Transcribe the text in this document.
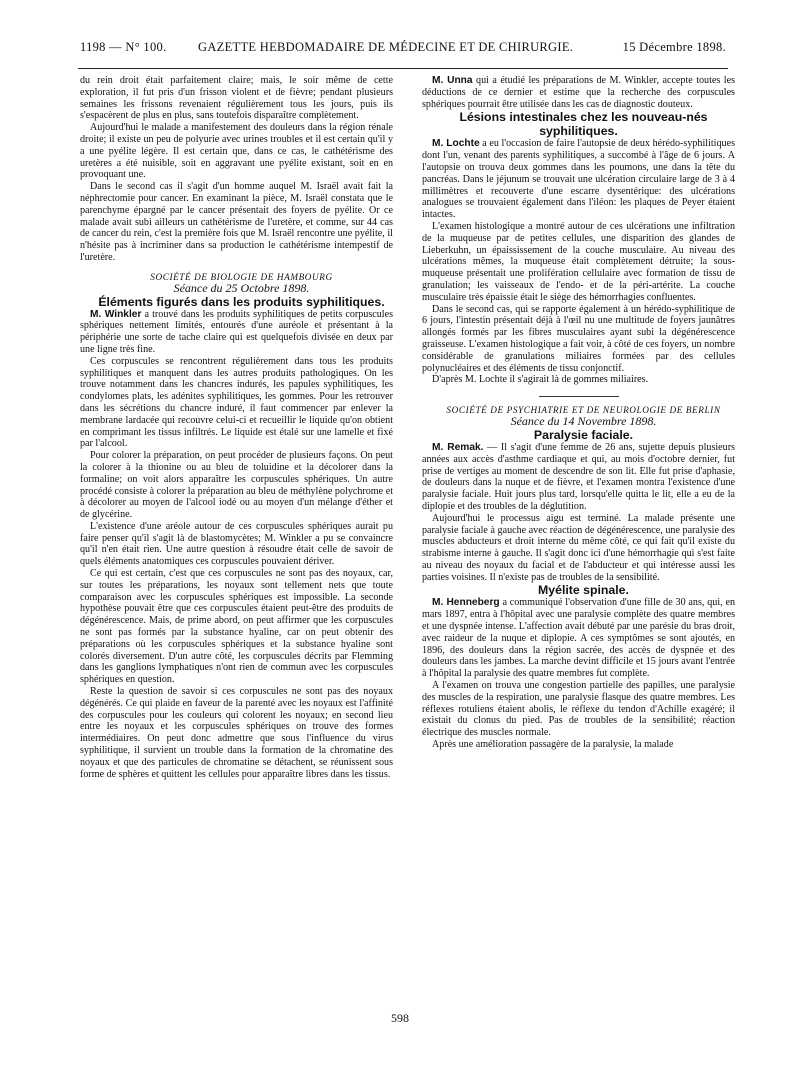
1198 — N° 100.	GAZETTE HEBDOMADAIRE DE MÉDECINE ET DE CHIRURGIE.	15 Décembre 1898.

du rein droit était parfaitement claire; mais, le soir même de cette exploration, il fut pris d'un frisson violent et de fièvre; pendant plusieurs semaines les frissons revenaient régulièrement tous les jours, puis ils s'espacèrent de plus en plus, sans toutefois disparaître complètement.

Aujourd'hui le malade a manifestement des douleurs dans la région rénale droite; il existe un peu de polyurie avec urines troubles et il est certain qu'il y a une pyélite légère. Il est certain que, dans ce cas, le cathétérisme des uretères a été nuisible, soit en aggravant une pyélite existant, soit en en provoquant une.

Dans le second cas il s'agit d'un homme auquel M. Israël avait fait la néphrectomie pour cancer. En examinant la pièce, M. Israël constata que le parenchyme épargné par le cancer présentait des foyers de pyélite. Or ce malade avait subi ailleurs un cathétérisme de l'uretère, et comme, sur 44 cas de cancer du rein, c'est la première fois que M. Israël rencontre une pyélite, il n'hésite pas à incriminer dans sa production le cathétérisme intempestif de l'uretère.

SOCIÉTÉ DE BIOLOGIE DE HAMBOURG

Séance du 25 Octobre 1898.

Éléments figurés dans les produits syphilitiques.

M. Winkler a trouvé dans les produits syphilitiques de petits corpuscules sphériques nettement limités, entourés d'une auréole et présentant à la périphérie une sorte de tache claire qui est quelquefois divisée en deux par une ligne très fine.

Ces corpuscules se rencontrent régulièrement dans tous les produits syphilitiques et manquent dans les autres produits pathologiques. On les trouve notamment dans les chancres indurés, les papules syphilitiques, les condylomes plats, les adénites syphilitiques, les gommes. Pour les retrouver dans les sécrétions du chancre induré, il faut commencer par enlever la membrane lardacée qui recouvre celui-ci et recueillir le liquide qu'on obtient en comprimant les tissus infiltrés. Le liquide est étalé sur une lamelle et fixé par l'alcool.

Pour colorer la préparation, on peut procéder de plusieurs façons. On peut la colorer à la thionine ou au bleu de toluidine et la décolorer dans la formaline; on voit alors apparaître les corpuscules sphériques. Un autre procédé consiste à colorer la préparation au bleu de méthylène polychrome et à décolorer au moyen de l'alcool iodé ou au moyen d'un mélange d'éther et de glycérine.

L'existence d'une aréole autour de ces corpuscules sphériques aurait pu faire penser qu'il s'agit là de blastomycètes; M. Winkler a pu se convaincre qu'il n'en était rien. Une autre question à résoudre était celle de savoir de quels éléments anatomiques ces corpuscules pouvaient dériver.

Ce qui est certain, c'est que ces corpuscules ne sont pas des noyaux, car, sur toutes les préparations, les noyaux sont tellement nets que toute comparaison avec les corpuscules sphériques est impossible. La seconde hypothèse pouvait être que ces corpuscules étaient peut-être des produits de dégénérescence. Mais, de prime abord, on peut affirmer que les corpuscules ne sont pas formés par la substance hyaline, car on peut obtenir des préparations où les corpuscules sphériques et la substance hyaline sont colorés diversement. D'un autre côté, les corpuscules décrits par Flemming dans les ganglions lymphatiques n'ont rien de commun avec les corpuscules sphériques en question.

Reste la question de savoir si ces corpuscules ne sont pas des noyaux dégénérés. Ce qui plaide en faveur de la parenté avec les noyaux est l'affinité des corpuscules pour les couleurs qui colorent les noyaux; en second lieu entre les noyaux et les corpuscules sphériques on trouve des formes intermédiaires. On peut donc admettre que sous l'influence du virus syphilitique, il survient un trouble dans la formation de la chromatine des noyaux et que des particules de chromatine se détachent, se réunissent sous forme de sphères et quittent les cellules pour apparaître libres dans les tissus.

M. Unna qui a étudié les préparations de M. Winkler, accepte toutes les déductions de ce dernier et estime que la recherche des corpuscules sphériques pourrait être utilisée dans les cas de diagnostic douteux.

Lésions intestinales chez les nouveau-nés syphilitiques.

M. Lochte a eu l'occasion de faire l'autopsie de deux hérédo-syphilitiques dont l'un, venant des parents syphilitiques, a succombé à l'âge de 6 jours. A l'autopsie on trouva deux gommes dans les poumons, une dans la tête du pancréas. Dans le jéjunum se trouvait une ulcération circulaire large de 3 à 4 millimètres et recouverte d'une escarre dysentérique: des ulcérations analogues se trouvaient également dans l'iléon: les plaques de Peyer étaient intactes.

L'examen histologique a montré autour de ces ulcérations une infiltration de la muqueuse par de petites cellules, une disparition des glandes de Lieberkuhn, un épaississement de la couche musculaire. Au niveau des ulcérations mêmes, la muqueuse était complètement détruite; la sous-muqueuse présentait une prolifération cellulaire avec formation de tissu de granulation; les vaisseaux de l'endo- et de la péri-artérite. La couche musculaire très épaissie était le siège des hémorrhagies confluentes.

Dans le second cas, qui se rapporte également à un hérédo-syphilitique de 6 jours, l'intestin présentait déjà à l'œil nu une multitude de foyers jaunâtres allongés formés par les fibres musculaires ayant subi la dégénérescence graisseuse. L'examen histologique a fait voir, à côté de ces foyers, un nombre considérable de granulations miliaires formées par des cellules polynucléaires et des éléments de tissu conjonctif.

D'après M. Lochte il s'agirait là de gommes miliaires.

SOCIÉTÉ DE PSYCHIATRIE ET DE NEUROLOGIE DE BERLIN

Séance du 14 Novembre 1898.

Paralysie faciale.

M. Remak. — Il s'agit d'une femme de 26 ans, sujette depuis plusieurs années aux accès d'asthme cardiaque et qui, au mois d'octobre dernier, fut prise de vertiges au moment de descendre de son lit. Elle fut prise d'aphasie, de douleurs dans la nuque et de fièvre, et l'examen montra l'existence d'une paralysie faciale. Huit jours plus tard, lorsqu'elle quitta le lit, elle a eu de la diplopie et des troubles de la déglutition.

Aujourd'hui le processus aigu est terminé. La malade présente une paralysie faciale à gauche avec réaction de dégénérescence, une paralysie des muscles abducteurs et droit interne du même côté, ce qui fait qu'il existe du strabisme interne à gauche. Il s'agit donc ici d'une hémorrhagie qui s'est faite au niveau des noyaux du facial et de l'abducteur et qui intéresse aussi les parties voisines. Il n'existe pas de troubles de la sensibilité.

Myélite spinale.

M. Henneberg a communiqué l'observation d'une fille de 30 ans, qui, en mars 1897, entra à l'hôpital avec une paralysie complète des quatre membres et une dyspnée intense. L'affection avait débuté par une parésie du bras droit, avec raideur de la nuque et diplopie. A ces symptômes se sont ajoutés, en 1896, des douleurs dans la région sacrée, des accès de dyspnée et des douleurs dans les jambes. La marche devint difficile et 15 jours avant l'entrée à l'hôpital la paralysie des quatre membres fut complète.

A l'examen on trouva une congestion partielle des papilles, une paralysie des muscles de la respiration, une paralysie flasque des quatre membres. Les réflexes rotuliens étaient abolis, le réflexe du tendon d'Achille exagéré; il existait du clonus du pied. Pas de troubles de la sensibilité; réaction électrique des muscles normale.

Après une amélioration passagère de la paralysie, la malade

598
